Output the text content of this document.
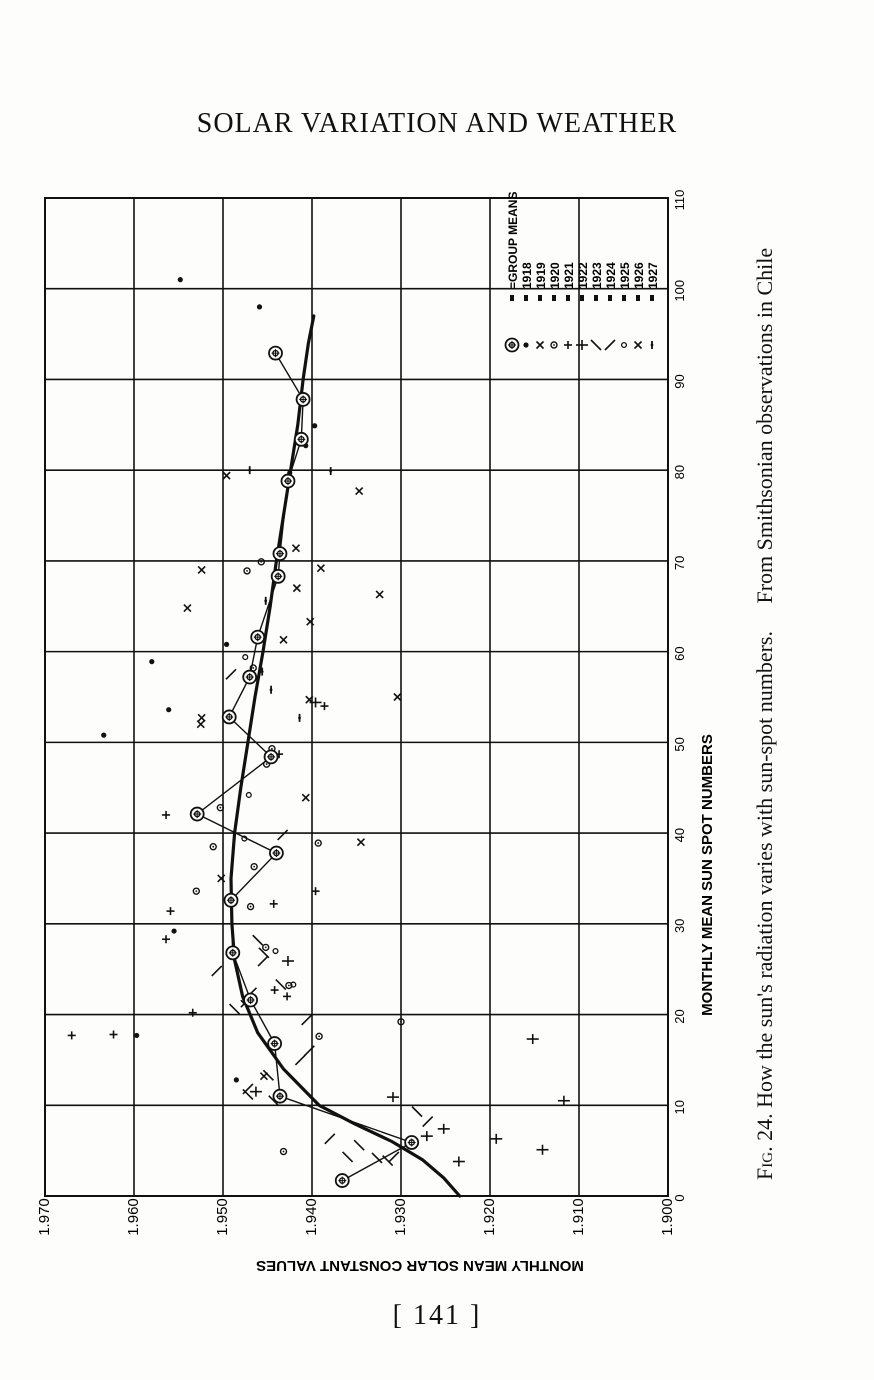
SOLAR VARIATION AND WEATHER
0
10
20
30
40
50
60
70
80
90
100
110
1.970	1.960	1.950	1.940	1.930	1.920	1.910	1.900
=GROUP MEANS 1918 1919 1920 1921 1922 1923 1924 1925 1926 1927
MONTHLY MEAN SUN SPOT NUMBERS
MONTHLY MEAN SOLAR CONSTANT VALUES
Fig. 24. How the sun's radiation varies with sun-spot numbers. From Smithsonian observations in Chile
[ 141 ]
